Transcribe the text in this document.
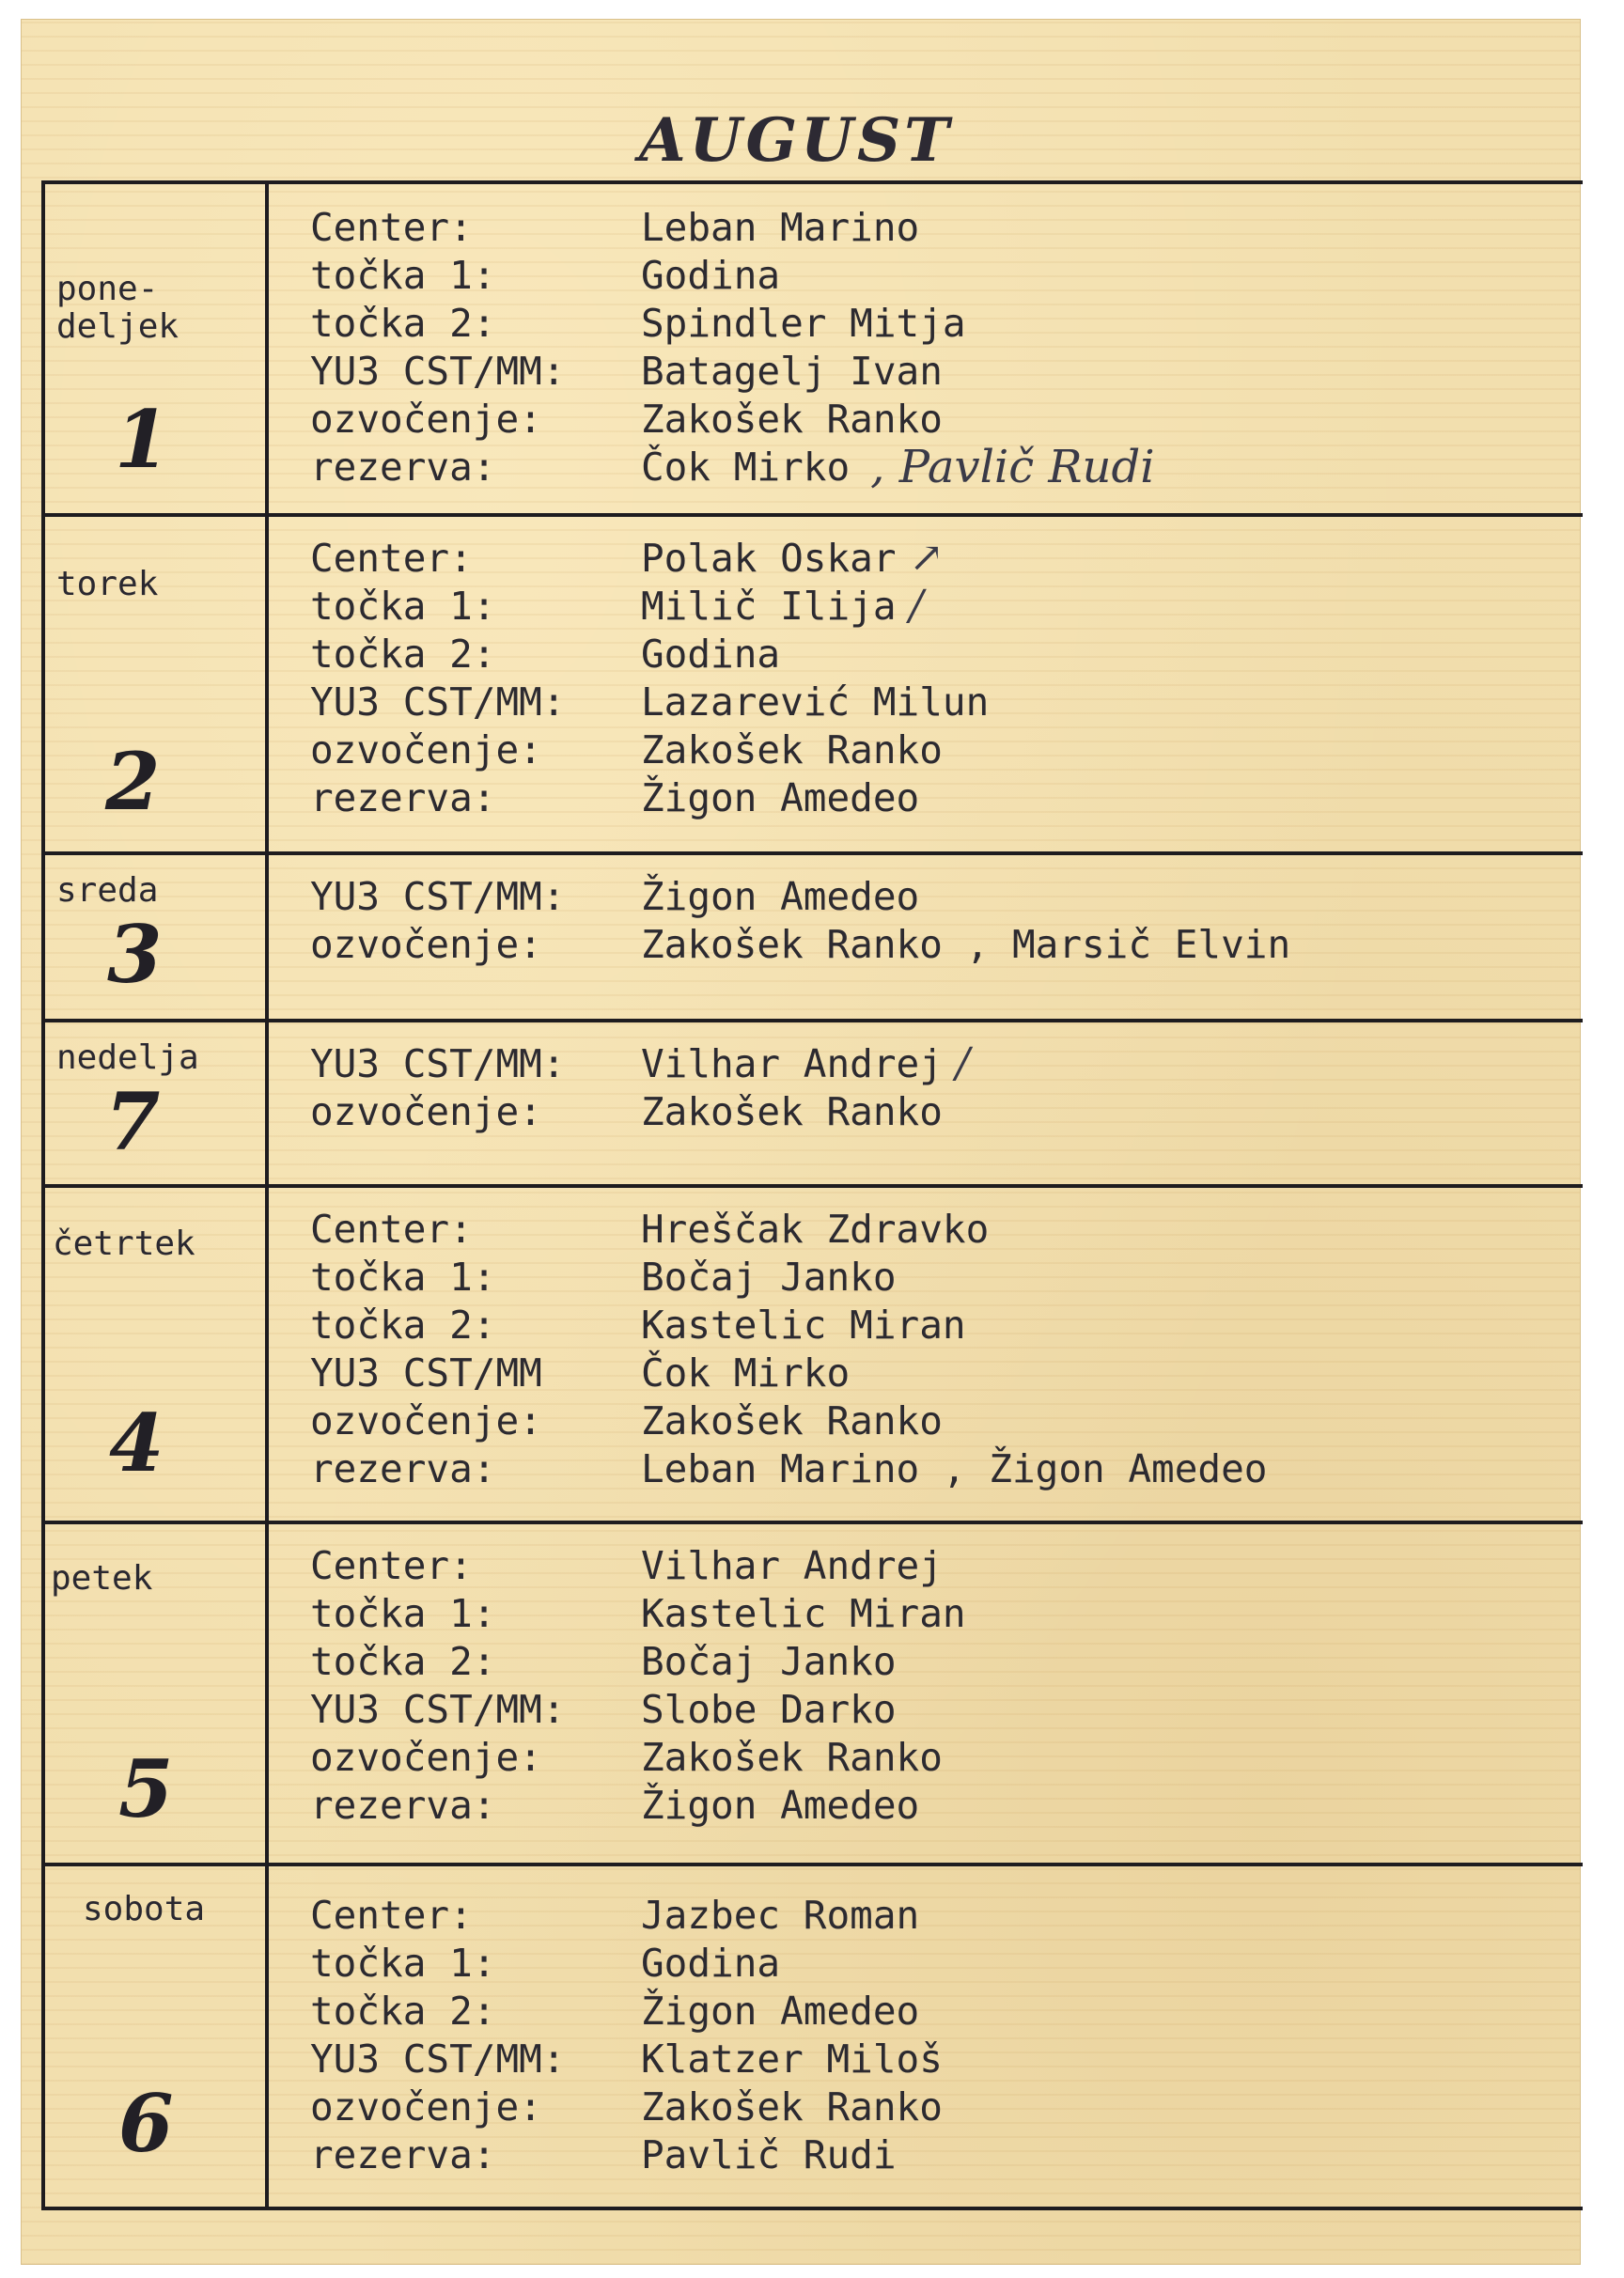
AUGUST
pone-
deljek
1
Center:	Leban Marino
točka 1:	Godina
točka 2:	Spindler Mitja
YU3 CST/MM:	Batagelj Ivan
ozvočenje:	Zakošek Ranko
rezerva:	Čok Mirko , Pavlič Rudi
torek
2
Center:	Polak Oskar ↗
točka 1:	Milič Ilija /
točka 2:	Godina
YU3 CST/MM:	Lazarević Milun
ozvočenje:	Zakošek Ranko
rezerva:	Žigon Amedeo
sreda
3
YU3 CST/MM:	Žigon Amedeo
ozvočenje:	Zakošek Ranko , Marsič Elvin
nedelja
7
YU3 CST/MM:	Vilhar Andrej /
ozvočenje:	Zakošek Ranko
četrtek
4
Center:	Hreščak Zdravko
točka 1:	Bočaj Janko
točka 2:	Kastelic Miran
YU3 CST/MM	Čok Mirko
ozvočenje:	Zakošek Ranko
rezerva:	Leban Marino , Žigon Amedeo
petek
5
Center:	Vilhar Andrej
točka 1:	Kastelic Miran
točka 2:	Bočaj Janko
YU3 CST/MM:	Slobe Darko
ozvočenje:	Zakošek Ranko
rezerva:	Žigon Amedeo
sobota
6
Center:	Jazbec Roman
točka 1:	Godina
točka 2:	Žigon Amedeo
YU3 CST/MM:	Klatzer Miloš
ozvočenje:	Zakošek Ranko
rezerva:	Pavlič Rudi
